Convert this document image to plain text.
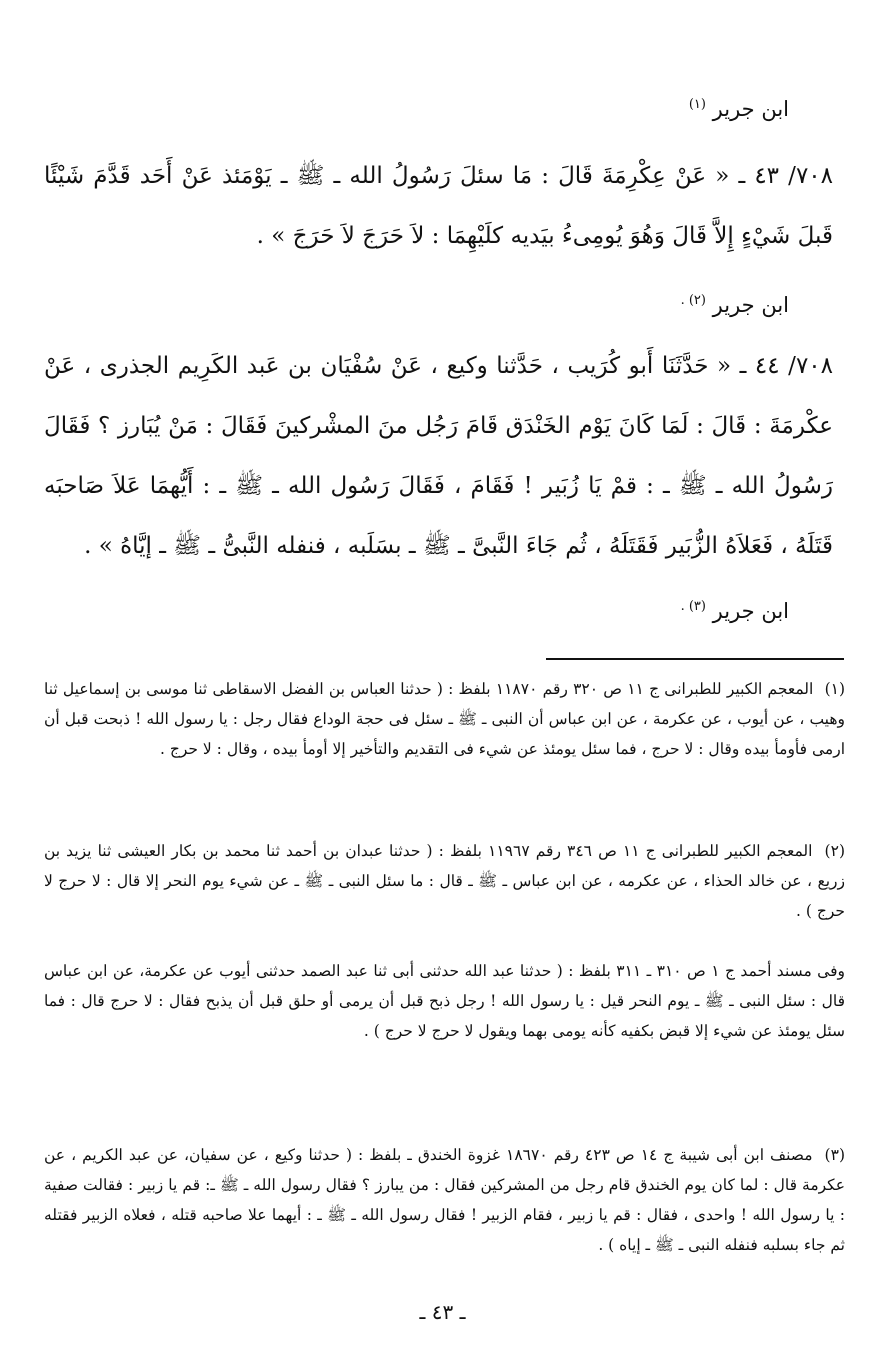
ابن جرير $^{(١)}$
٧٠٨/ ٤٣ ـ « عَنْ عِكْرِمَةَ قَالَ : مَا سئلَ رَسُولُ الله ـ ﷺ ـ يَوْمَئذ عَنْ أَحَد قَدَّمَ شَيْئًا قَبلَ شَيْءٍ إِلاَّ قَالَ وَهُوَ يُومِىءُ بيَديه كلَيْهِمَا : لاَ حَرَجَ لاَ حَرَجَ » .
ابن جرير $^{(٢) .}$
٧٠٨/ ٤٤ ـ « حَدَّثَنَا أَبو كُرَيب ، حَدَّثنا وكيع ، عَنْ سُفْيَان بن عَبد الكَرِيم الجذرى ، عَنْ عكْرمَةَ : قَالَ : لَمَا كَانَ يَوْم الخَنْدَق قَامَ رَجُل منَ المشْركينَ فَقَالَ : مَنْ يُبَارز ؟ فَقَالَ رَسُولُ الله ـ ﷺ ـ : قمْ يَا زُبَير ! فَقَامَ ، فَقَالَ رَسُول الله ـ ﷺ ـ : أَيُّهمَا عَلاَ صَاحبَه قَتَلَهُ ، فَعَلاَهُ الزُّبَير فَقَتَلَهُ ، ثُم جَاءَ النَّبىَّ ـ ﷺ ـ بسَلَبه ، فنفله النَّبىُّ ـ ﷺ ـ إيَّاهُ » .
ابن جرير $^{(٣) .}$
(١) المعجم الكبير للطبرانى ج ١١ ص ٣٢٠ رقم ١١٨٧٠ بلفظ : ( حدثنا العباس بن الفضل الاسقاطى ثنا موسى بن إسماعيل ثنا وهيب ، عن أيوب ، عن عكرمة ، عن ابن عباس أن النبى ـ ﷺ ـ سئل فى حجة الوداع فقال رجل : يا رسول الله ! ذبحت قبل أن ارمى فأومأ بيده وقال : لا حرج ، فما سئل يومئذ عن شيء فى التقديم والتأخير إلا أومأ بيده ، وقال : لا حرج .
(٢) المعجم الكبير للطبرانى ج ١١ ص ٣٤٦ رقم ١١٩٦٧ بلفظ : ( حدثنا عبدان بن أحمد ثنا محمد بن بكار العيشى ثنا يزيد بن زريع ، عن خالد الحذاء ، عن عكرمه ، عن ابن عباس ـ ﷺ ـ قال : ما سئل النبى ـ ﷺ ـ عن شيء يوم النحر إلا قال : لا حرج لا حرج ) .
وفى مسند أحمد ج ١ ص ٣١٠ ـ ٣١١ بلفظ : ( حدثنا عبد الله حدثنى أبى ثنا عبد الصمد حدثنى أيوب عن عكرمة، عن ابن عباس قال : سئل النبى ـ ﷺ ـ يوم النحر قيل : يا رسول الله ! رجل ذبح قبل أن يرمى أو حلق قبل أن يذبح فقال : لا حرج قال : فما سئل يومئذ عن شيء إلا قبض بكفيه كأنه يومى بهما ويقول لا حرج لا حرج ) .
(٣) مصنف ابن أبى شيبة ج ١٤ ص ٤٢٣ رقم ١٨٦٧٠ غزوة الخندق ـ بلفظ : ( حدثنا وكيع ، عن سفيان، عن عبد الكريم ، عن عكرمة قال : لما كان يوم الخندق قام رجل من المشركين فقال : من يبارز ؟ فقال رسول الله ـ ﷺ ـ: قم يا زبير : فقالت صفية : يا رسول الله ! واحدى ، فقال : قم يا زبير ، فقام الزبير ! فقال رسول الله ـ ﷺ ـ : أيهما علا صاحبه قتله ، فعلاه الزبير فقتله ثم جاء بسلبه فنفله النبى ـ ﷺ ـ إياه ) .
ـ ٤٣ ـ
